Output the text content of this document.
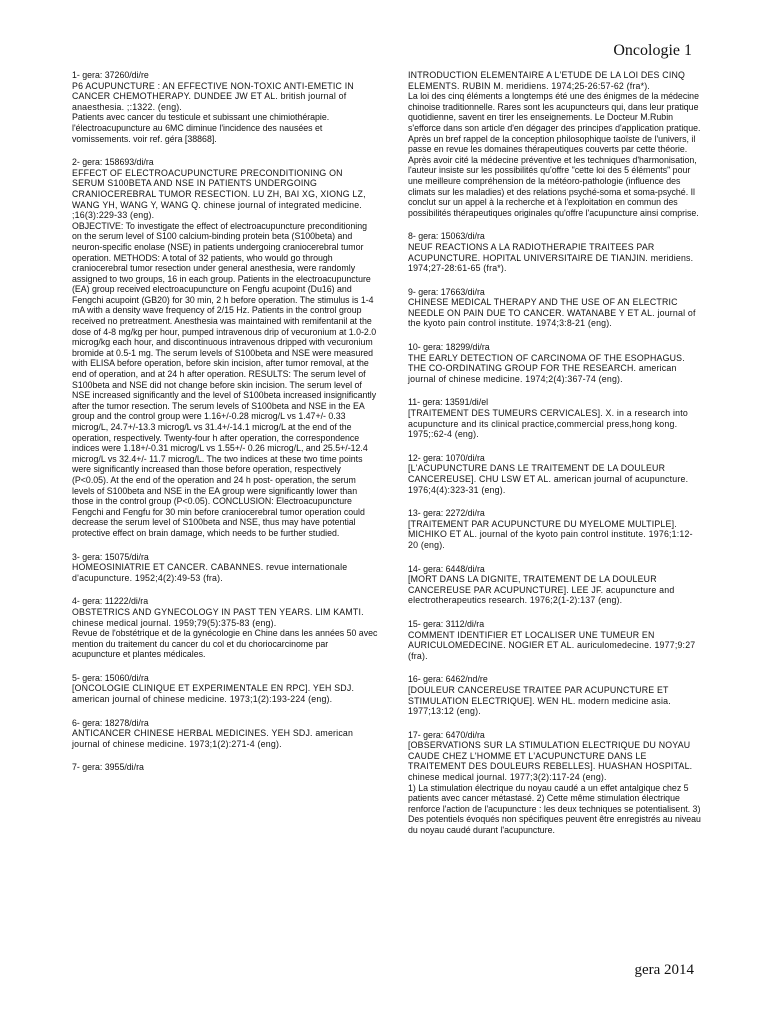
Oncologie 1
1- gera: 37260/di/re
P6 ACUPUNCTURE : AN EFFECTIVE NON-TOXIC ANTI-EMETIC IN CANCER CHEMOTHERAPY. DUNDEE JW ET AL. british journal of anaesthesia. ;:1322. (eng).
Patients avec cancer du testicule et subissant une chimiothérapie. l'électroacupuncture au 6MC diminue l'incidence des nausées et vomissements. voir ref. géra [38868].
2- gera: 158693/di/ra
EFFECT OF ELECTROACUPUNCTURE PRECONDITIONING ON SERUM S100BETA AND NSE IN PATIENTS UNDERGOING CRANIOCEREBRAL TUMOR RESECTION. LU ZH, BAI XG, XIONG LZ, WANG YH, WANG Y, WANG Q. chinese journal of integrated medicine. ;16(3):229-33 (eng).
OBJECTIVE: To investigate the effect of electroacupuncture preconditioning on the serum level of S100 calcium-binding protein beta (S100beta) and neuron-specific enolase (NSE) in patients undergoing craniocerebral tumor operation. METHODS: A total of 32 patients, who would go through craniocerebral tumor resection under general anesthesia, were randomly assigned to two groups, 16 in each group. Patients in the electroacupuncture (EA) group received electroacupuncture on Fengfu acupoint (Du16) and Fengchi acupoint (GB20) for 30 min, 2 h before operation. The stimulus is 1-4 mA with a density wave frequency of 2/15 Hz. Patients in the control group received no pretreatment. Anesthesia was maintained with remifentanil at the dose of 4-8 mg/kg per hour, pumped intravenous drip of vecuronium at 1.0-2.0 microg/kg each hour, and discontinuous intravenous dripped with vecuronium bromide at 0.5-1 mg. The serum levels of S100beta and NSE were measured with ELISA before operation, before skin incision, after tumor removal, at the end of operation, and at 24 h after operation. RESULTS: The serum level of S100beta and NSE did not change before skin incision. The serum level of NSE increased significantly and the level of S100beta increased insignificantly after the tumor resection. The serum levels of S100beta and NSE in the EA group and the control group were 1.16+/-0.28 microg/L vs 1.47+/- 0.33 microg/L, 24.7+/-13.3 microg/L vs 31.4+/-14.1 microg/L at the end of the operation, respectively. Twenty-four h after operation, the correspondence indices were 1.18+/-0.31 microg/L vs 1.55+/- 0.26 microg/L, and 25.5+/-12.4 microg/L vs 32.4+/- 11.7 microg/L. The two indices at these two time points were significantly increased than those before operation, respectively (P<0.05). At the end of the operation and 24 h post- operation, the serum levels of S100beta and NSE in the EA group were significantly lower than those in the control group (P<0.05). CONCLUSION: Electroacupuncture Fengchi and Fengfu for 30 min before craniocerebral tumor operation could decrease the serum level of S100beta and NSE, thus may have potential protective effect on brain damage, which needs to be further studied.
3- gera: 15075/di/ra
HOMEOSINIATRIE ET CANCER. CABANNES. revue internationale d'acupuncture. 1952;4(2):49-53 (fra).
4- gera: 11222/di/ra
OBSTETRICS AND GYNECOLOGY IN PAST TEN YEARS. LIM KAMTI. chinese medical journal. 1959;79(5):375-83 (eng).
Revue de l'obstétrique et de la gynécologie en Chine dans les années 50 avec mention du traitement du cancer du col et du choriocarcinome par acupuncture et plantes médicales.
5- gera: 15060/di/ra
[ONCOLOGIE CLINIQUE ET EXPERIMENTALE EN RPC]. YEH SDJ. american journal of chinese medicine. 1973;1(2):193-224 (eng).
6- gera: 18278/di/ra
ANTICANCER CHINESE HERBAL MEDICINES. YEH SDJ. american journal of chinese medicine. 1973;1(2):271-4 (eng).
7- gera: 3955/di/ra
INTRODUCTION ELEMENTAIRE A L'ETUDE DE LA LOI DES CINQ ELEMENTS. RUBIN M. meridiens. 1974;25-26:57-62 (fra*).
La loi des cinq éléments a longtemps été une des énigmes de la médecine chinoise traditionnelle. Rares sont les acupuncteurs qui, dans leur pratique quotidienne, savent en tirer les enseignements. Le Docteur M.Rubin s'efforce dans son article d'en dégager des principes d'application pratique. Après un bref rappel de la conception philosophique taoïste de l'univers, il passe en revue les domaines thérapeutiques couverts par cette théorie. Après avoir cité la médecine préventive et les techniques d'harmonisation, l'auteur insiste sur les possibilités qu'offre "cette loi des 5 éléments" pour une meilleure compréhension de la météoro-pathologie (influence des climats sur les maladies) et des relations psyché-soma et soma-psyché. Il conclut sur un appel à la recherche et à l'exploitation en commun des possibilités thérapeutiques originales qu'offre l'acupuncture ainsi comprise.
8- gera: 15063/di/ra
NEUF REACTIONS A LA RADIOTHERAPIE TRAITEES PAR ACUPUNCTURE. HOPITAL UNIVERSITAIRE DE TIANJIN. meridiens. 1974;27-28:61-65 (fra*).
9- gera: 17663/di/ra
CHINESE MEDICAL THERAPY AND THE USE OF AN ELECTRIC NEEDLE ON PAIN DUE TO CANCER. WATANABE Y ET AL. journal of the kyoto pain control institute. 1974;3:8-21 (eng).
10- gera: 18299/di/ra
THE EARLY DETECTION OF CARCINOMA OF THE ESOPHAGUS. THE CO-ORDINATING GROUP FOR THE RESEARCH. american journal of chinese medicine. 1974;2(4):367-74 (eng).
11- gera: 13591/di/el
[TRAITEMENT DES TUMEURS CERVICALES]. X. in a research into acupuncture and its clinical practice,commercial press,hong kong. 1975;:62-4 (eng).
12- gera: 1070/di/ra
[L'ACUPUNCTURE DANS LE TRAITEMENT DE LA DOULEUR CANCEREUSE]. CHU LSW ET AL. american journal of acupuncture. 1976;4(4):323-31 (eng).
13- gera: 2272/di/ra
[TRAITEMENT PAR ACUPUNCTURE DU MYELOME MULTIPLE]. MICHIKO ET AL. journal of the kyoto pain control institute. 1976;1:12-20 (eng).
14- gera: 6448/di/ra
[MORT DANS LA DIGNITE, TRAITEMENT DE LA DOULEUR CANCEREUSE PAR ACUPUNCTURE]. LEE JF. acupuncture and electrotherapeutics research. 1976;2(1-2):137 (eng).
15- gera: 3112/di/ra
COMMENT IDENTIFIER ET LOCALISER UNE TUMEUR EN AURICULOMEDECINE. NOGIER ET AL. auriculomedecine. 1977;9:27 (fra).
16- gera: 6462/nd/re
[DOULEUR CANCEREUSE TRAITEE PAR ACUPUNCTURE ET STIMULATION ELECTRIQUE]. WEN HL. modern medicine asia. 1977;13:12 (eng).
17- gera: 6470/di/ra
[OBSERVATIONS SUR LA STIMULATION ELECTRIQUE DU NOYAU CAUDE CHEZ L'HOMME ET L'ACUPUNCTURE DANS LE TRAITEMENT DES DOULEURS REBELLES]. HUASHAN HOSPITAL. chinese medical journal. 1977;3(2):117-24 (eng).
1) La stimulation électrique du noyau caudé a un effet antalgique chez 5 patients avec cancer métastasé. 2) Cette même stimulation électrique renforce l'action de l'acupuncture : les deux techniques se potentialisent. 3) Des potentiels évoqués non spécifiques peuvent être enregistrés au niveau du noyau caudé durant l'acupuncture.
gera 2014
